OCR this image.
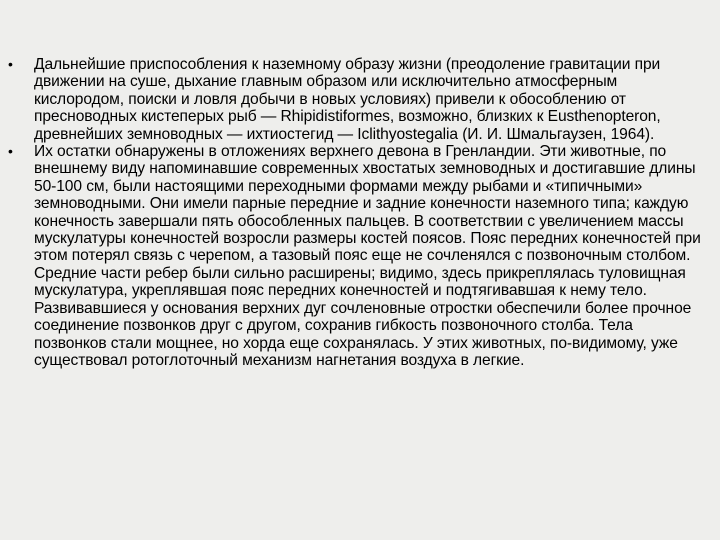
•	Дальнейшие приспособления к наземному образу жизни (преодоление гравитации при движении на суше, дыхание главным образом или исключительно атмосферным кислородом, поиски и ловля добычи в новых условиях) привели к обособлению от пресноводных кистеперых рыб — Rhipidistiformes, возможно, близких к Eusthenopteron, древнейших земноводных — ихтиостегид — Iclithyostegalia (И. И. Шмальгаузен, 1964).
•	Их остатки обнаружены в отложениях верхнего девона в Гренландии. Эти животные, по внешнему виду напоминавшие современных хвостатых земноводных и достигавшие длины 50-100 см, были настоящими переходными формами между рыбами и «типичными» земноводными. Они имели парные передние и задние конечности наземного типа; каждую конечность завершали пять обособленных пальцев. В соответствии с увеличением массы мускулатуры конечностей возросли размеры костей поясов. Пояс передних конечностей при этом потерял связь с черепом, а тазовый пояс еще не сочленялся с позвоночным столбом. Средние части ребер были сильно расширены; видимо, здесь прикреплялась туловищная мускулатура, укреплявшая пояс передних конечностей и подтягивавшая к нему тело. Развивавшиеся у основания верхних дуг сочленовные отростки обеспечили более прочное соединение позвонков друг с другом, сохранив гибкость позвоночного столба. Тела позвонков стали мощнее, но хорда еще сохранялась. У этих животных, по-видимому, уже существовал ротоглоточный механизм нагнетания воздуха в легкие.
